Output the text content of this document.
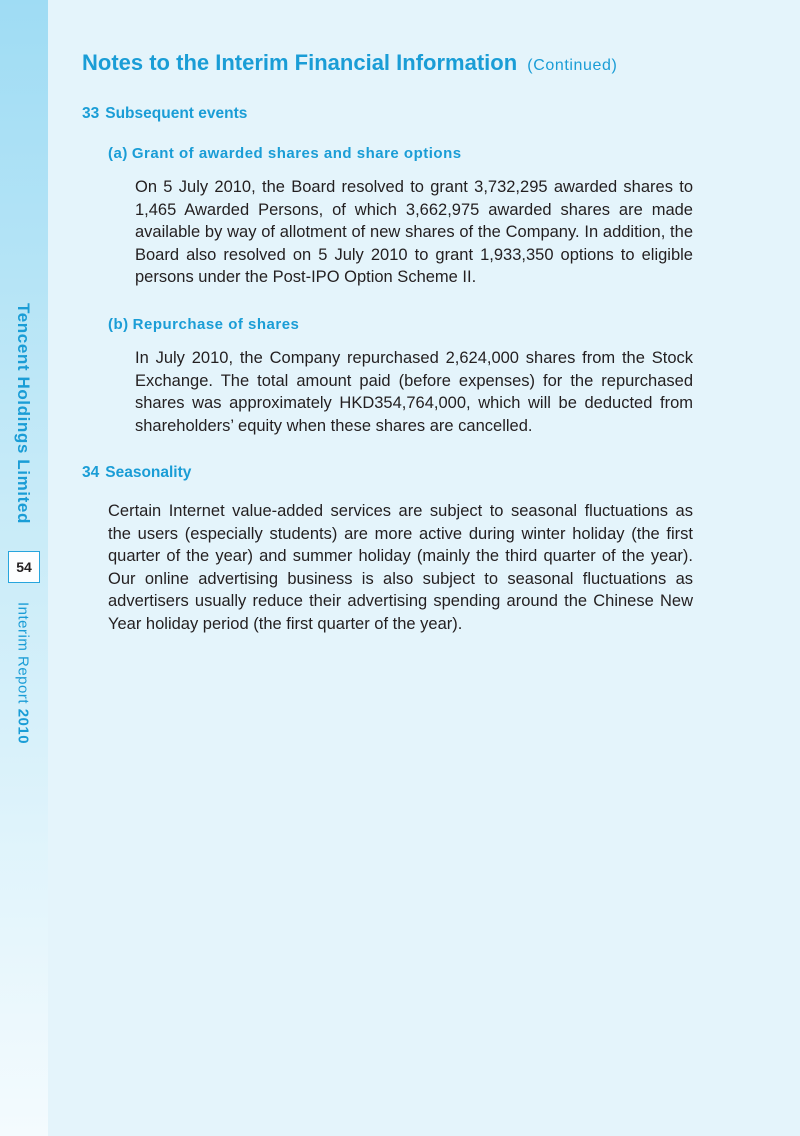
Tencent Holdings Limited
54
Interim Report 2010
Notes to the Interim Financial Information (Continued)
33 Subsequent events
(a) Grant of awarded shares and share options

On 5 July 2010, the Board resolved to grant 3,732,295 awarded shares to 1,465 Awarded Persons, of which 3,662,975 awarded shares are made available by way of allotment of new shares of the Company. In addition, the Board also resolved on 5 July 2010 to grant 1,933,350 options to eligible persons under the Post-IPO Option Scheme II.

(b) Repurchase of shares

In July 2010, the Company repurchased 2,624,000 shares from the Stock Exchange. The total amount paid (before expenses) for the repurchased shares was approximately HKD354,764,000, which will be deducted from shareholders’ equity when these shares are cancelled.

34 Seasonality

Certain Internet value-added services are subject to seasonal fluctuations as the users (especially students) are more active during winter holiday (the first quarter of the year) and summer holiday (mainly the third quarter of the year). Our online advertising business is also subject to seasonal fluctuations as advertisers usually reduce their advertising spending around the Chinese New Year holiday period (the first quarter of the year).
